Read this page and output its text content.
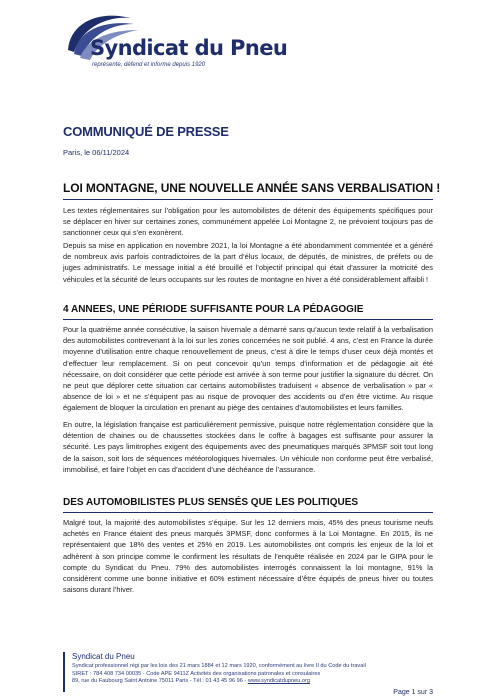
Syndicat du Pneu
représente, défend et informe depuis 1920
COMMUNIQUÉ DE PRESSE
Paris, le 06/11/2024
LOI MONTAGNE, UNE NOUVELLE ANNÉE SANS VERBALISATION !

Les textes réglementaires sur l’obligation pour les automobilistes de détenir des équipements spécifiques pour se déplacer en hiver sur certaines zones, communément appelée Loi Montagne 2, ne prévoient toujours pas de sanctionner ceux qui s’en exonèrent.

Depuis sa mise en application en novembre 2021, la loi Montagne a été abondamment commentée et a généré de nombreux avis parfois contradictoires de la part d’élus locaux, de députés, de ministres, de préfets ou de juges administratifs. Le message initial a été brouillé et l’objectif principal qui était d’assurer la motricité des véhicules et la sécurité de leurs occupants sur les routes de montagne en hiver a été considérablement affaibli !

4 ANNEES, UNE PÉRIODE SUFFISANTE POUR LA PÉDAGOGIE

Pour la quatrième année consécutive, la saison hivernale a démarré sans qu’aucun texte relatif à la verbalisation des automobilistes contrevenant à la loi sur les zones concernées ne soit publié. 4 ans, c’est en France la durée moyenne d’utilisation entre chaque renouvellement de pneus, c’est à dire le temps d’user ceux déjà montés et d’effectuer leur remplacement. Si on peut concevoir qu’un temps d’information et de pédagogie ait été nécessaire, on doit considérer que cette période est arrivée à son terme pour justifier la signature du décret. On ne peut que déplorer cette situation car certains automobilistes traduisent « absence de verbalisation » par « absence de loi » et ne s’équipent pas au risque de provoquer des accidents ou d’en être victime. Au risque également de bloquer la circulation en prenant au piège des centaines d’automobilistes et leurs familles.

En outre, la législation française est particulièrement permissive, puisque notre réglementation considère que la détention de chaines ou de chaussettes stockées dans le coffre à bagages est suffisante pour assurer la sécurité. Les pays limitrophes exigent des équipements avec des pneumatiques marqués 3PMSF soit tout long de la saison, soit lors de séquences météorologiques hivernales. Un véhicule non conforme peut être verbalisé, immobilisé, et faire l’objet en cas d’accident d’une déchéance de l’assurance.

DES AUTOMOBILISTES PLUS SENSÉS QUE LES POLITIQUES

Malgré tout, la majorité des automobilistes s’équipe. Sur les 12 derniers mois, 45% des pneus tourisme neufs achetés en France étaient des pneus marqués 3PMSF, donc conformes à la Loi Montagne. En 2015, ils ne représentaient que 18% des ventes et 25% en 2019. Les automobilistes ont compris les enjeux de la loi et adhèrent à son principe comme le confirment les résultats de l’enquête réalisée en 2024 par le GIPA pour le compte du Syndicat du Pneu. 79% des automobilistes interrogés connaissent la loi montagne, 91% la considèrent comme une bonne initiative et 60% estiment nécessaire d’être équipés de pneus hiver ou toutes saisons durant l’hiver.

Syndicat du Pneu
Syndicat professionnel régi par les lois des 21 mars 1884 et 12 mars 1920, conformément au livre II du Code du travail
SIRET : 784 408 734 00035 - Code APE 9411Z Activités des organisations patronales et consulaires
89, rue du Faubourg Saint Antoine 75011 Paris - Tél : 01 43 45 96 96 - www.syndicatdupneu.org
Page 1 sur 3
